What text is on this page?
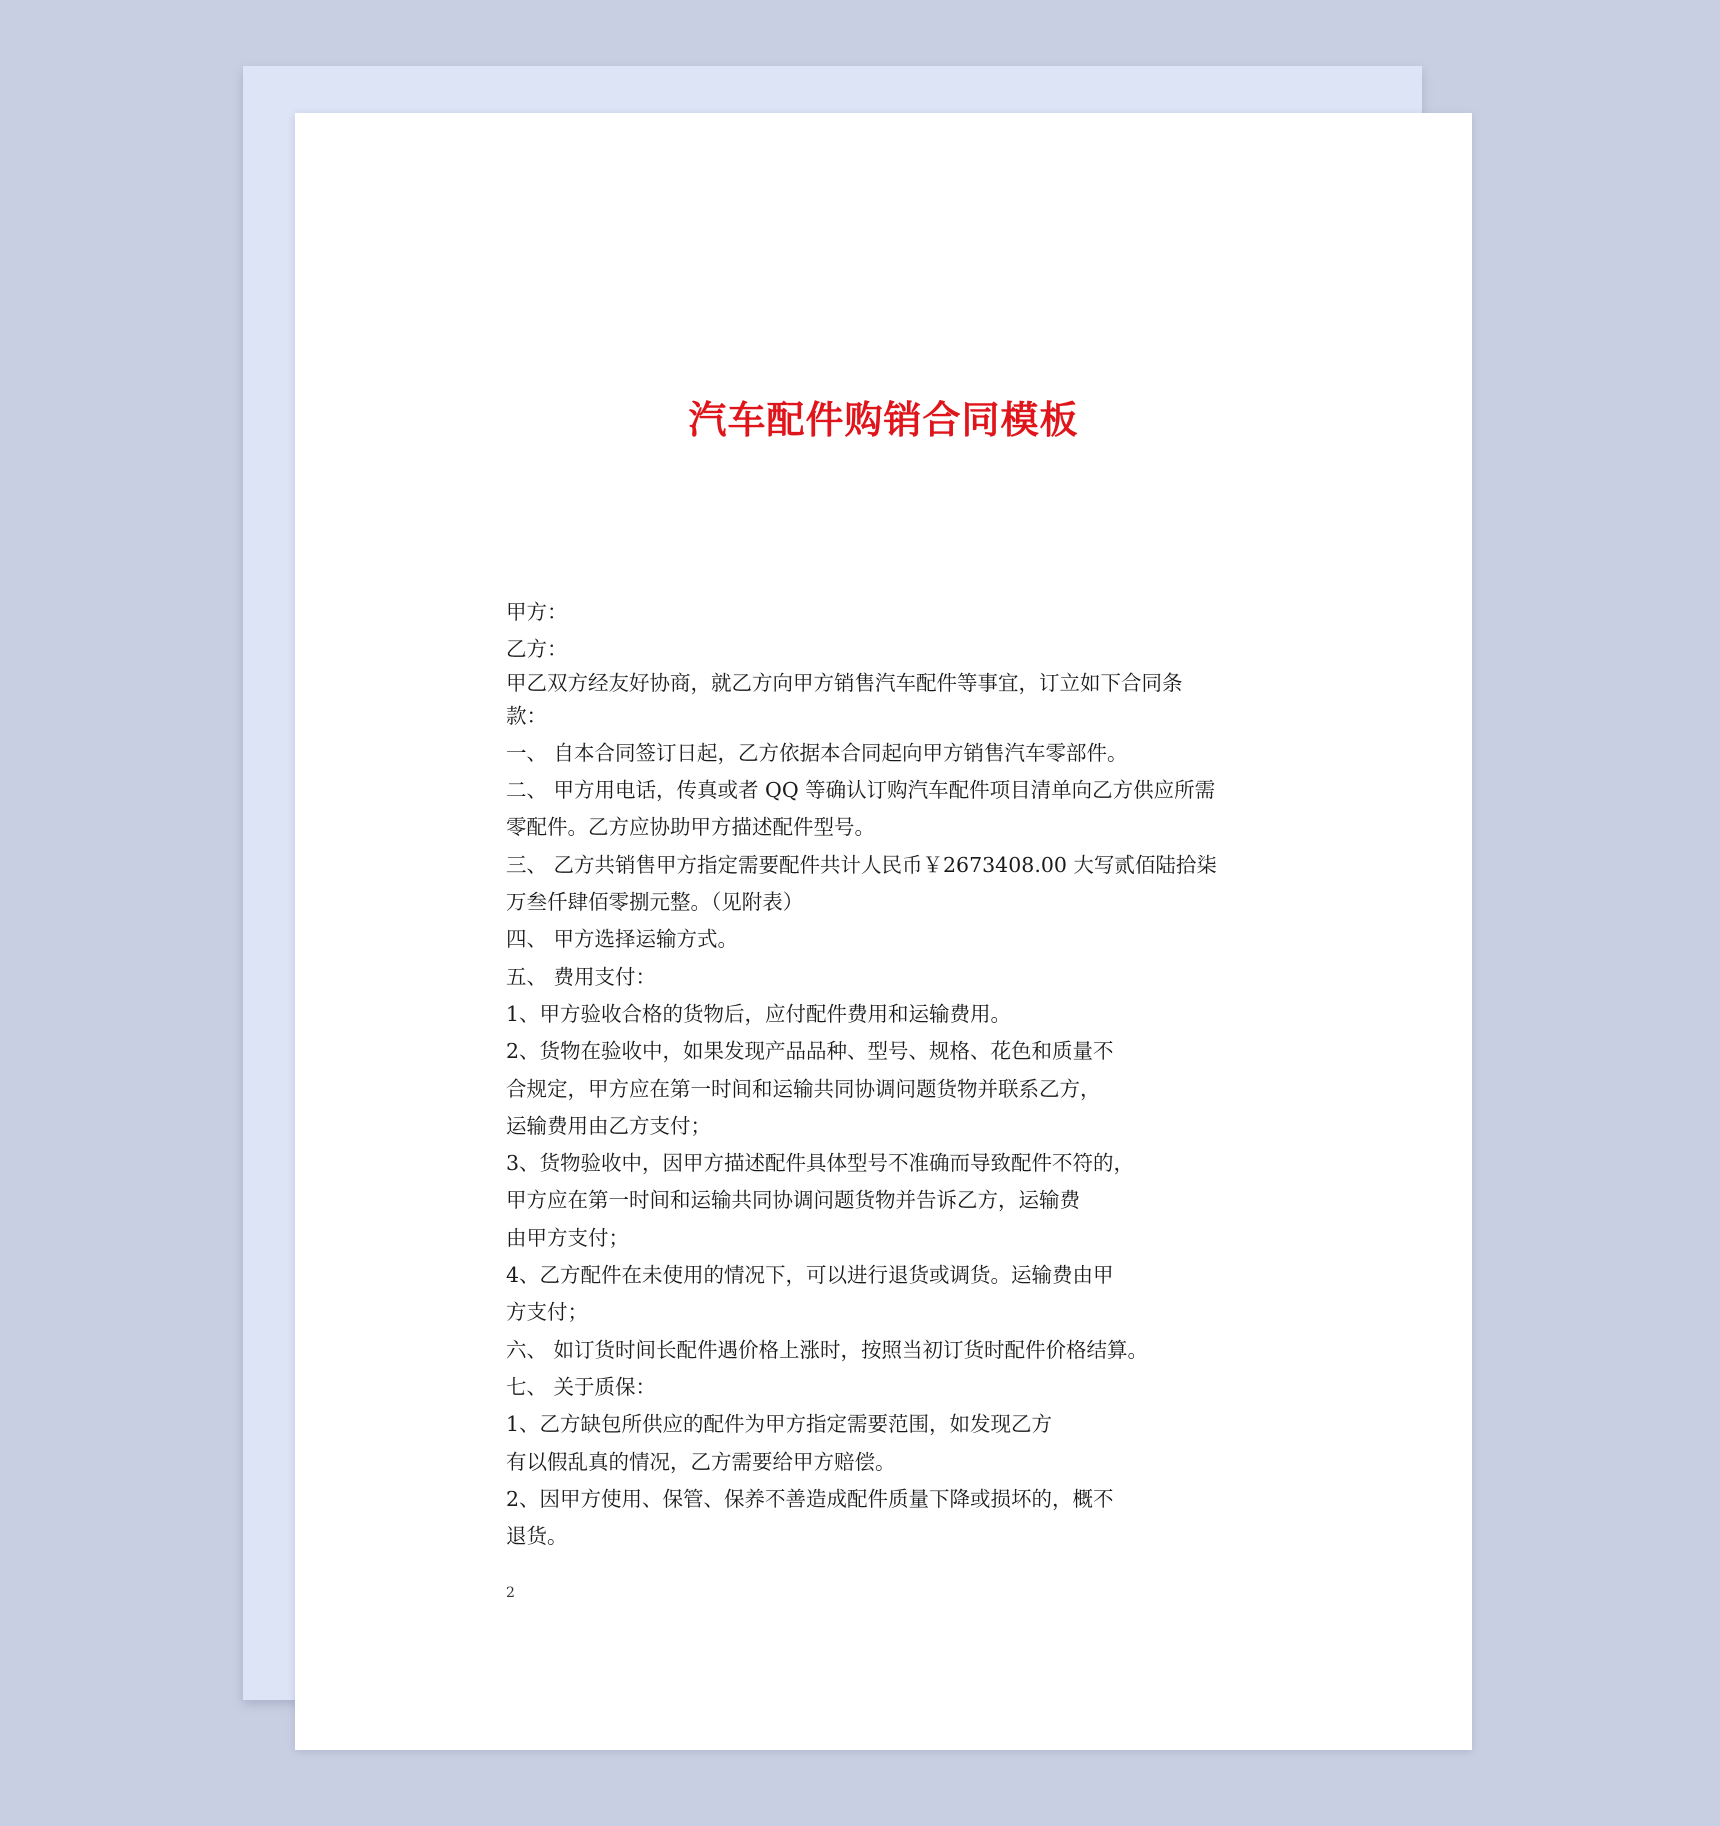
汽车配件购销合同模板
甲方：
乙方：
甲乙双方经友好协商，就乙方向甲方销售汽车配件等事宜，订立如下合同条
款：
一、 自本合同签订日起，乙方依据本合同起向甲方销售汽车零部件。
二、 甲方用电话，传真或者 QQ 等确认订购汽车配件项目清单向乙方供应所需
零配件。乙方应协助甲方描述配件型号。
三、 乙方共销售甲方指定需要配件共计人民币￥2673408.00 大写贰佰陆拾柒
万叁仟肆佰零捌元整。（见附表）
四、 甲方选择运输方式。
五、 费用支付：
1、甲方验收合格的货物后，应付配件费用和运输费用。
2、货物在验收中，如果发现产品品种、型号、规格、花色和质量不
合规定，甲方应在第一时间和运输共同协调问题货物并联系乙方，
运输费用由乙方支付；
3、货物验收中，因甲方描述配件具体型号不准确而导致配件不符的，
甲方应在第一时间和运输共同协调问题货物并告诉乙方，运输费
由甲方支付；
4、乙方配件在未使用的情况下，可以进行退货或调货。运输费由甲
方支付；
六、 如订货时间长配件遇价格上涨时，按照当初订货时配件价格结算。
七、 关于质保：
1、乙方缺包所供应的配件为甲方指定需要范围，如发现乙方
有以假乱真的情况，乙方需要给甲方赔偿。
2、因甲方使用、保管、保养不善造成配件质量下降或损坏的，概不
退货。
2
